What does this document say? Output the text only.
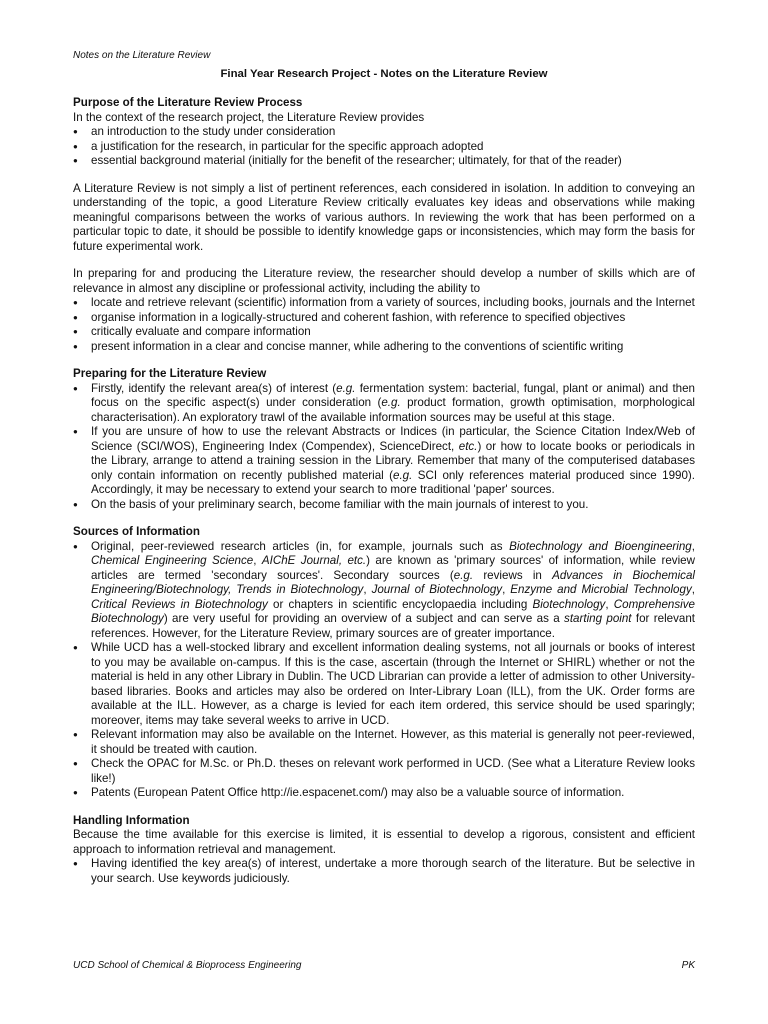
Notes on the Literature Review
Final Year Research Project - Notes on the Literature Review
Purpose of the Literature Review Process

In the context of the research project, the Literature Review provides

● an introduction to the study under consideration
● a justification for the research, in particular for the specific approach adopted
● essential background material (initially for the benefit of the researcher; ultimately, for that of the reader)

A Literature Review is not simply a list of pertinent references, each considered in isolation. In addition to conveying an understanding of the topic, a good Literature Review critically evaluates key ideas and observations while making meaningful comparisons between the works of various authors. In reviewing the work that has been performed on a particular topic to date, it should be possible to identify knowledge gaps or inconsistencies, which may form the basis for future experimental work.

In preparing for and producing the Literature review, the researcher should develop a number of skills which are of relevance in almost any discipline or professional activity, including the ability to

● locate and retrieve relevant (scientific) information from a variety of sources, including books, journals and the Internet
● organise information in a logically-structured and coherent fashion, with reference to specified objectives
● critically evaluate and compare information
● present information in a clear and concise manner, while adhering to the conventions of scientific writing
Preparing for the Literature Review
● Firstly, identify the relevant area(s) of interest (e.g. fermentation system: bacterial, fungal, plant or animal) and then focus on the specific aspect(s) under consideration (e.g. product formation, growth optimisation, morphological characterisation). An exploratory trawl of the available information sources may be useful at this stage.
● If you are unsure of how to use the relevant Abstracts or Indices (in particular, the Science Citation Index/Web of Science (SCI/WOS), Engineering Index (Compendex), ScienceDirect, etc.) or how to locate books or periodicals in the Library, arrange to attend a training session in the Library. Remember that many of the computerised databases only contain information on recently published material (e.g. SCI only references material produced since 1990). Accordingly, it may be necessary to extend your search to more traditional 'paper' sources.
● On the basis of your preliminary search, become familiar with the main journals of interest to you.
Sources of Information
● Original, peer-reviewed research articles (in, for example, journals such as Biotechnology and Bioengineering, Chemical Engineering Science, AIChE Journal, etc.) are known as 'primary sources' of information, while review articles are termed 'secondary sources'. Secondary sources (e.g. reviews in Advances in Biochemical Engineering/Biotechnology, Trends in Biotechnology, Journal of Biotechnology, Enzyme and Microbial Technology, Critical Reviews in Biotechnology or chapters in scientific encyclopaedia including Biotechnology, Comprehensive Biotechnology) are very useful for providing an overview of a subject and can serve as a starting point for relevant references. However, for the Literature Review, primary sources are of greater importance.
● While UCD has a well-stocked library and excellent information dealing systems, not all journals or books of interest to you may be available on-campus. If this is the case, ascertain (through the Internet or SHIRL) whether or not the material is held in any other Library in Dublin. The UCD Librarian can provide a letter of admission to other University-based libraries. Books and articles may also be ordered on Inter-Library Loan (ILL), from the UK. Order forms are available at the ILL. However, as a charge is levied for each item ordered, this service should be used sparingly; moreover, items may take several weeks to arrive in UCD.
● Relevant information may also be available on the Internet. However, as this material is generally not peer-reviewed, it should be treated with caution.
● Check the OPAC for M.Sc. or Ph.D. theses on relevant work performed in UCD. (See what a Literature Review looks like!)
● Patents (European Patent Office http://ie.espacenet.com/) may also be a valuable source of information.
Handling Information

Because the time available for this exercise is limited, it is essential to develop a rigorous, consistent and efficient approach to information retrieval and management.

● Having identified the key area(s) of interest, undertake a more thorough search of the literature. But be selective in your search. Use keywords judiciously.
UCD School of Chemical & Bioprocess Engineering	PK
